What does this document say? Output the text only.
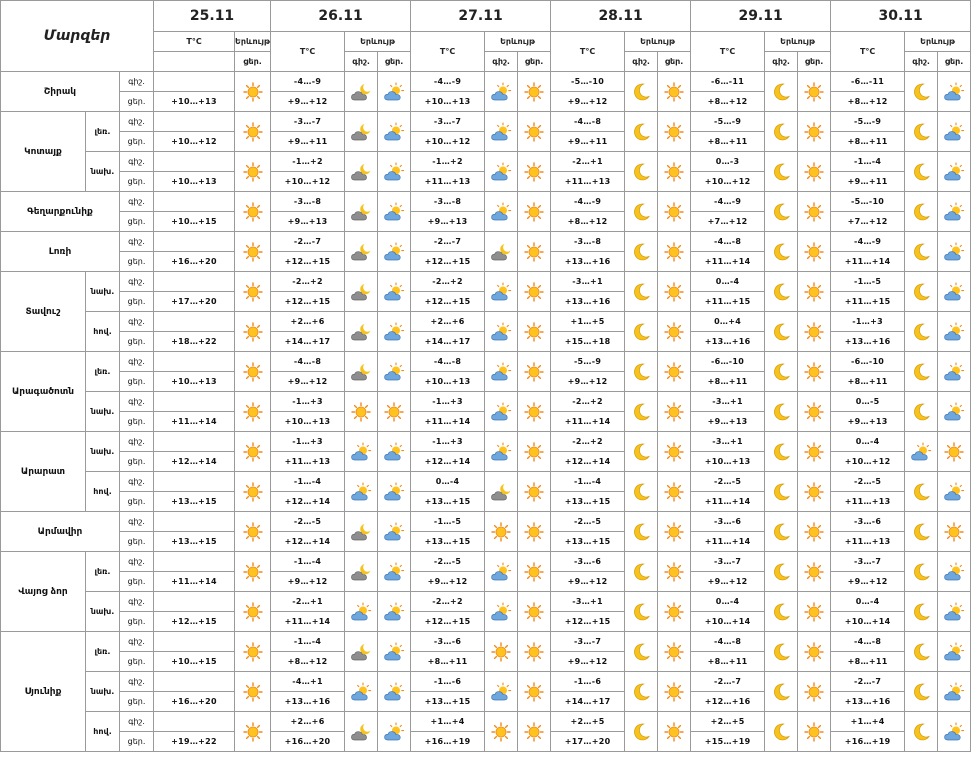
Մարզեր			25.11		26.11			27.11			28.11			29.11			30.11		
			T°C	Երևույթ	T°C	Երևույթ		T°C	Երևույթ		T°C	Երևույթ		T°C	Երևույթ		T°C	Երևույթ	
				ցեր.		գիշ.	ցեր.		գիշ.	ցեր.		գիշ.	ցեր.		գիշ.	ցեր.		գիշ.	ցեր.
Շիրակ		գիշ.			-4…-9			-4…-9			-5…-10			-6…-11			-6…-11	

		ցեր.	+10…+13		+9…+12			+10…+13			+9…+12			+8…+12			+8…+12		
Կոտայք	լեռ.	գիշ.			-3…-7			-3…-7			-4…-8			-5…-9			-5…-9	

		ցեր.	+10…+12		+9…+11			+10…+12			+9…+11			+8…+11			+8…+11		
	նախ.	գիշ.			-1…+2			-1…+2			-2…+1			0…-3			-1…-4	

		ցեր.	+10…+13		+10…+12			+11…+13			+11…+13			+10…+12			+9…+11		
Գեղարքունիք		գիշ.			-3…-8			-3…-8			-4…-9			-4…-9			-5…-10	

		ցեր.	+10…+15		+9…+13			+9…+13			+8…+12			+7…+12			+7…+12		
Լոռի		գիշ.			-2…-7			-2…-7			-3…-8			-4…-8			-4…-9	

		ցեր.	+16…+20		+12…+15			+12…+15			+13…+16			+11…+14			+11…+14		
Տավուշ	նախ.	գիշ.			-2…+2			-2…+2			-3…+1			0…-4			-1…-5	

		ցեր.	+17…+20		+12…+15			+12…+15			+13…+16			+11…+15			+11…+15		
	հով.	գիշ.			+2…+6			+2…+6			+1…+5			0…+4			-1…+3	

		ցեր.	+18…+22		+14…+17			+14…+17			+15…+18			+13…+16			+13…+16		
Արագածոտն	լեռ.	գիշ.			-4…-8			-4…-8			-5…-9			-6…-10			-6…-10	

		ցեր.	+10…+13		+9…+12			+10…+13			+9…+12			+8…+11			+8…+11		
	նախ.	գիշ.			-1…+3			-1…+3			-2…+2			-3…+1			0…-5	

		ցեր.	+11…+14		+10…+13			+11…+14			+11…+14			+9…+13			+9…+13		
Արարատ	նախ.	գիշ.			-1…+3			-1…+3			-2…+2			-3…+1			0…-4	

		ցեր.	+12…+14		+11…+13			+12…+14			+12…+14			+10…+13			+10…+12		
	հով.	գիշ.			-1…-4			0…-4			-1…-4			-2…-5			-2…-5	

		ցեր.	+13…+15		+12…+14			+13…+15			+13…+15			+11…+14			+11…+13		
Արմավիր		գիշ.			-2…-5			-1…-5			-2…-5			-3…-6			-3…-6	

		ցեր.	+13…+15		+12…+14			+13…+15			+13…+15			+11…+14			+11…+13		
Վայոց ձոր	լեռ.	գիշ.			-1…-4			-2…-5			-3…-6			-3…-7			-3…-7	

		ցեր.	+11…+14		+9…+12			+9…+12			+9…+12			+9…+12			+9…+12		
	նախ.	գիշ.			-2…+1			-2…+2			-3…+1			0…-4			0…-4	

		ցեր.	+12…+15		+11…+14			+12…+15			+12…+15			+10…+14			+10…+14		
Սյունիք	լեռ.	գիշ.			-1…-4			-3…-6			-3…-7			-4…-8			-4…-8	

		ցեր.	+10…+15		+8…+12			+8…+11			+9…+12			+8…+11			+8…+11		
	նախ.	գիշ.			-4…+1			-1…-6			-1…-6			-2…-7			-2…-7	

		ցեր.	+16…+20		+13…+16			+13…+15			+14…+17			+12…+16			+13…+16		
	հով.	գիշ.			+2…+6			+1…+4			+2…+5			+2…+5			+1…+4	

		ցեր.	+19…+22		+16…+20			+16…+19			+17…+20			+15…+19			+16…+19		
